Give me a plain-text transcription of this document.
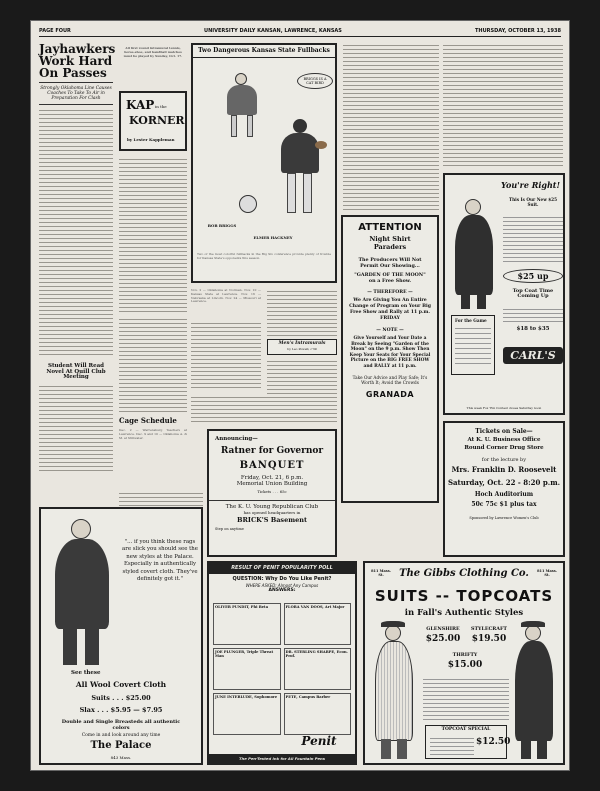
PAGE FOUR	UNIVERSITY DAILY KANSAN, LAWRENCE, KANSAS	THURSDAY, OCTOBER 13, 1938
Jayhawkers Work Hard On Passes
Strongly Oklahoma Line Causes Coaches To Take To Air in Preparation For Clash
Student Will Read Novel At Quill Club Meeting
KAP in the
KORNER
by Lester Kappleman
All first round intramural tennis, horse-shoe, and handball matches must be played by Sunday, Oct. 17.
Two Dangerous Kansas State Fullbacks
BRIGGS IS A CAT BIRD
BOB BRIGGS
ELMER HACKNEY
Two of the most colorful fullbacks in the Big Six conference provide plenty of trouble for Kansas State's opponents this season.
Nov. 2 — Oklahoma at Norman. Nov. 10 — Kansas State at Lawrence. Nov. 16 — Nebraska at Lincoln. Nov. 24 — Missouri at Lawrence.
Men's Intramurals
by Leo Powell, c'39
Cage Schedule
Dec. 2 — Warrensburg Teachers at Lawrence. Dec. 9 and 10 — Oklahoma A. & M. at Stillwater.
ATTENTION
Night Shirt Paraders
The Producers Will Not Permit Our Showing...
"GARDEN OF THE MOON"
on a Free Show.
— THEREFORE —
We Are Giving You An Entire Change of Program on Your Big Free Show and Rally at 11 p.m. FRIDAY
— NOTE —
Give Yourself and Your Date a Break by Seeing "Garden of the Moon" on the 9 p.m. Show Then Keep Your Seats for Your Special Picture on the BIG FREE SHOW and RALLY at 11 p.m.
Take Our Advice and Play Safe; It's Worth It; Avoid the Crowds
GRANADA
You're Right!
This Is Our New $25 Suit.
$25 up
Top Coat Time Coming Up
$18 to $35
For the Game
CARL'S
This week Fox 'Em Contest closes Saturday noon
Announcing—
Ratner for Governor
BANQUET
Friday, Oct. 21, 6 p.m.
Memorial Union Building
Tickets . . . 65c
The K. U. Young Republican Club
has opened headquarters in
BRICK'S Basement
Step on anytime
Tickets on Sale—
At K. U. Business Office
Round Corner Drug Store
for the lecture by
Mrs. Franklin D. Roosevelt
Saturday, Oct. 22 - 8:20 p.m.
Hoch Auditorium
50c 75c $1 plus tax
Sponsored by Lawrence Women's Club
"... if you think these rags are slick you should see the new styles at the Palace. Especially in authentically styled covert cloth. They've definitely got it."
See these
All Wool Covert Cloth
Suits . . . $25.00
Slax . . . $5.95 — $7.95
Double and Single Breasteds all authentic colors
Come in and look around any time
The Palace
843 Mass.
RESULT OF PENIT POPULARITY POLL
QUESTION: Why Do You Like Penit?
WHERE ASKED: Almost Any Campus
ANSWERS:
OLIVER PUNDIT, Phi Beta	FLORA VAN DOOS, Art Major
JOE PLUNGER, Triple Threat Man
DR. STERLING SHARPE, Econ. Prof.
JUNE INTERLUDE, Sophomore	PETE, Campus Barber
Penit
The Pen-Tested Ink for All Fountain Pens
811 Mass. St.
811 Mass. St.
The Gibbs Clothing Co.
SUITS -- TOPCOATS
in Fall's Authentic Styles
GLENSHIRE
$25.00
STYLECRAFT
$19.50
THRIFTY
$15.00
TOPCOAT SPECIAL
$12.50
